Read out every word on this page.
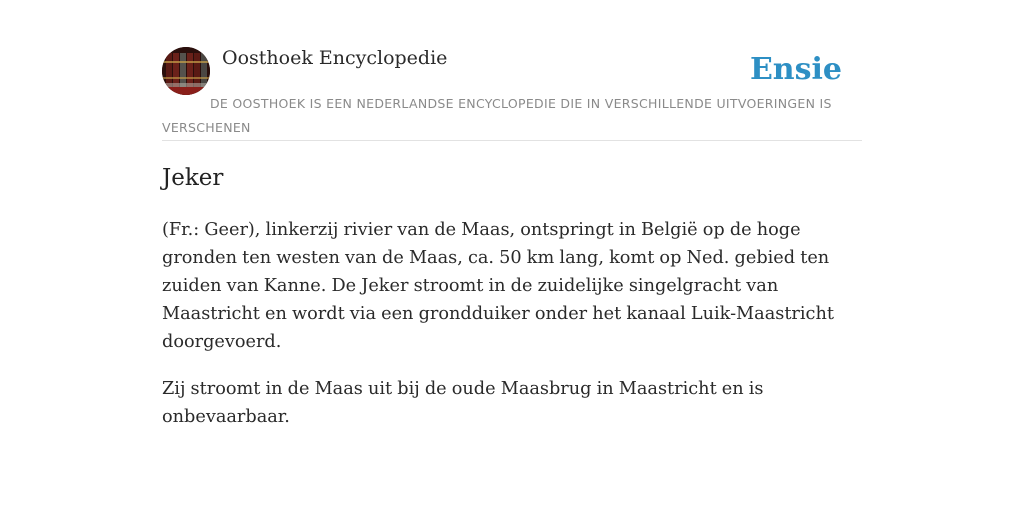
Oosthoek Encyclopedie	Ensie
DE OOSTHOEK IS EEN NEDERLANDSE ENCYCLOPEDIE DIE IN VERSCHILLENDE UITVOERINGEN IS VERSCHENEN
Jeker

(Fr.: Geer), linkerzij rivier van de Maas, ontspringt in België op de hoge gronden ten westen van de Maas, ca. 50 km lang, komt op Ned. gebied ten zuiden van Kanne. De Jeker stroomt in de zuidelijke singelgracht van Maastricht en wordt via een grondduiker onder het kanaal Luik-Maastricht doorgevoerd.

Zij stroomt in de Maas uit bij de oude Maasbrug in Maastricht en is onbevaarbaar.
